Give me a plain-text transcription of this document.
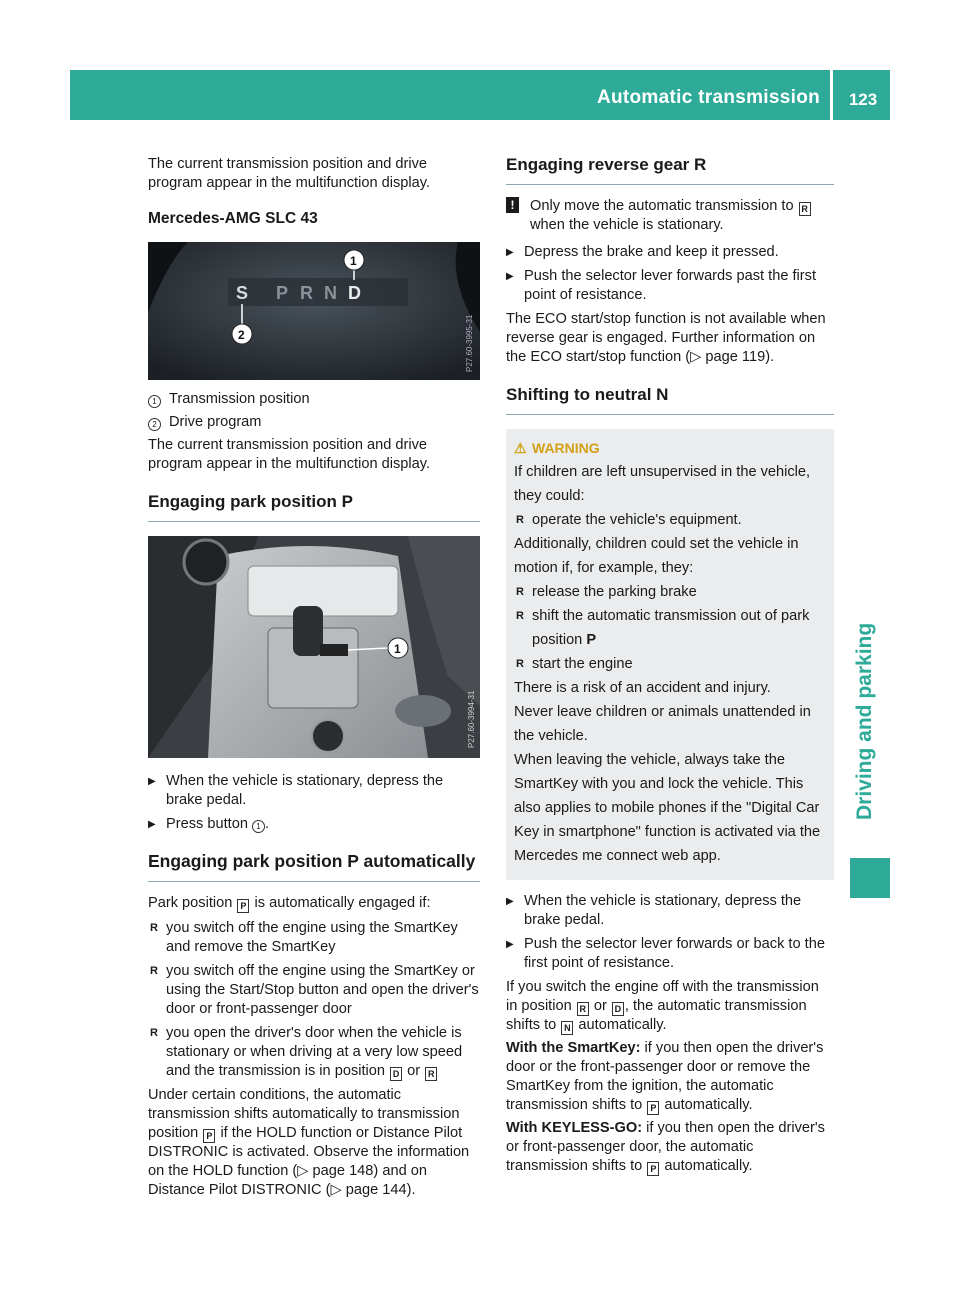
Automatic transmission	123
Driving and parking

The current transmission position and drive program appear in the multifunction display.

Mercedes-AMG SLC 43

S P R N D
1
2	P27.60-3995-31

1 Transmission position

2 Drive program

The current transmission position and drive program appear in the multifunction display.

Engaging park position P
1
P27.60-3994-31
▶ When the vehicle is stationary, depress the brake pedal.
▶ Press button 1 .
Engaging park position P automatically

Park position P is automatically engaged if:

R you switch off the engine using the SmartKey and remove the SmartKey
R you switch off the engine using the SmartKey or using the Start/Stop button and open the driver's door or front-passenger door
R you open the driver's door when the vehicle is stationary or when driving at a very low speed and the transmission is in position D or R

Under certain conditions, the automatic transmission shifts automatically to transmission position P if the HOLD function or Distance Pilot DISTRONIC is activated. Observe the information on the HOLD function (▷ page 148) and on Distance Pilot DISTRONIC (▷ page 144).

Engaging reverse gear R
!	Only move the automatic transmission to R when the vehicle is stationary.
▶ Depress the brake and keep it pressed.
▶ Push the selector lever forwards past the first point of resistance.

The ECO start/stop function is not available when reverse gear is engaged. Further information on the ECO start/stop function (▷ page 119).

Shifting to neutral N
⚠ WARNING

If children are left unsupervised in the vehicle, they could:

R operate the vehicle's equipment.

Additionally, children could set the vehicle in motion if, for example, they:

R release the parking brake
R shift the automatic transmission out of park position P
R start the engine

There is a risk of an accident and injury.

Never leave children or animals unattended in the vehicle.

When leaving the vehicle, always take the SmartKey with you and lock the vehicle. This also applies to mobile phones if the "Digital Car Key in smartphone" function is activated via the Mercedes me connect web app.

▶ When the vehicle is stationary, depress the brake pedal.
▶ Push the selector lever forwards or back to the first point of resistance.

If you switch the engine off with the transmission in position R or D , the automatic transmission shifts to N automatically.

With the SmartKey: if you then open the driver's door or the front-passenger door or remove the SmartKey from the ignition, the automatic transmission shifts to P automatically.

With KEYLESS-GO: if you then open the driver's or front-passenger door, the automatic transmission shifts to P automatically.
